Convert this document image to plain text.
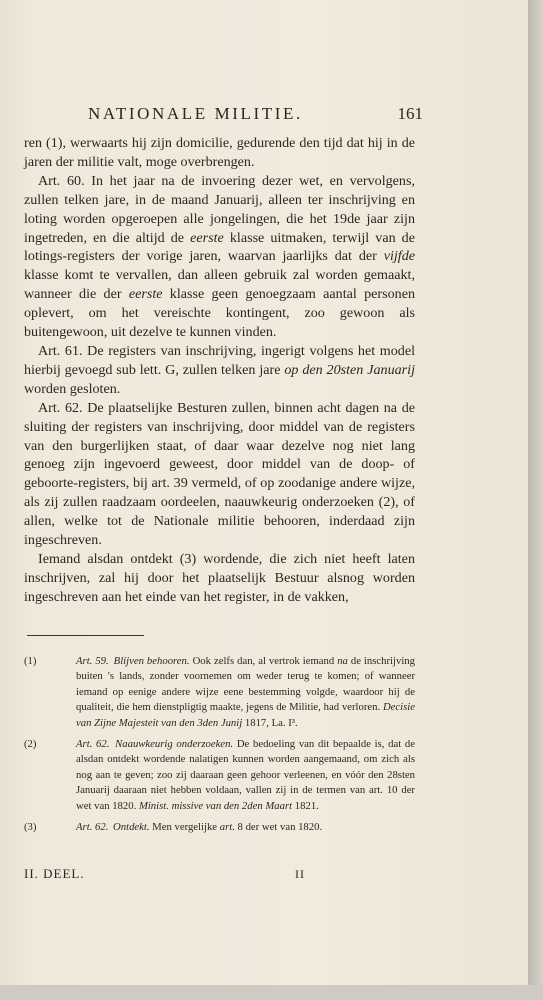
NATIONALE MILITIE.	161

ren (1), werwaarts hij zijn domicilie, gedurende den tijd dat hij in de jaren der militie valt, moge overbrengen.

Art. 60. In het jaar na de invoering dezer wet, en vervolgens, zullen telken jare, in de maand Januarij, alleen ter inschrijving en loting worden opgeroepen alle jongelingen, die het 19de jaar zijn ingetreden, en die altijd de eerste klasse uitmaken, terwijl van de lotings-registers der vorige jaren, waarvan jaarlijks dat der vijfde klasse komt te vervallen, dan alleen gebruik zal worden gemaakt, wanneer die der eerste klasse geen genoegzaam aantal personen oplevert, om het vereischte kontingent, zoo gewoon als buitengewoon, uit dezelve te kunnen vinden.

Art. 61. De registers van inschrijving, ingerigt volgens het model hierbij gevoegd sub lett. G, zullen telken jare op den 20sten Januarij worden gesloten.

Art. 62. De plaatselijke Besturen zullen, binnen acht dagen na de sluiting der registers van inschrijving, door middel van de registers van den burgerlijken staat, of daar waar dezelve nog niet lang genoeg zijn ingevoerd geweest, door middel van de doop- of geboorte-registers, bij art. 39 vermeld, of op zoodanige andere wijze, als zij zullen raadzaam oordeelen, naauwkeurig onderzoeken (2), of allen, welke tot de Nationale militie behooren, inderdaad zijn ingeschreven.

Iemand alsdan ontdekt (3) wordende, die zich niet heeft laten inschrijven, zal hij door het plaatselijk Bestuur alsnog worden ingeschreven aan het einde van het register, in de vakken,

(1)	Art. 59. Blijven behooren. Ook zelfs dan, al vertrok iemand na de inschrijving buiten 's lands, zonder voornemen om weder terug te komen; of wanneer iemand op eenige andere wijze eene bestemming volgde, waardoor hij de qualiteit, die hem dienstpligtig maakte, jegens de Militie, had verloren. Decisie van Zijne Majesteit van den 3den Junij 1817, La. I³.
(2)	Art. 62. Naauwkeurig onderzoeken. De bedoeling van dit bepaalde is, dat de alsdan ontdekt wordende nalatigen kunnen worden aangemaand, om zich als nog aan te geven; zoo zij daaraan geen gehoor verleenen, en vóór den 28sten Januarij daaraan niet hebben voldaan, vallen zij in de termen van art. 10 der wet van 1820. Minist. missive van den 2den Maart 1821.
(3)	Art. 62. Ontdekt. Men vergelijke art. 8 der wet van 1820.
II. DEEL.	II
